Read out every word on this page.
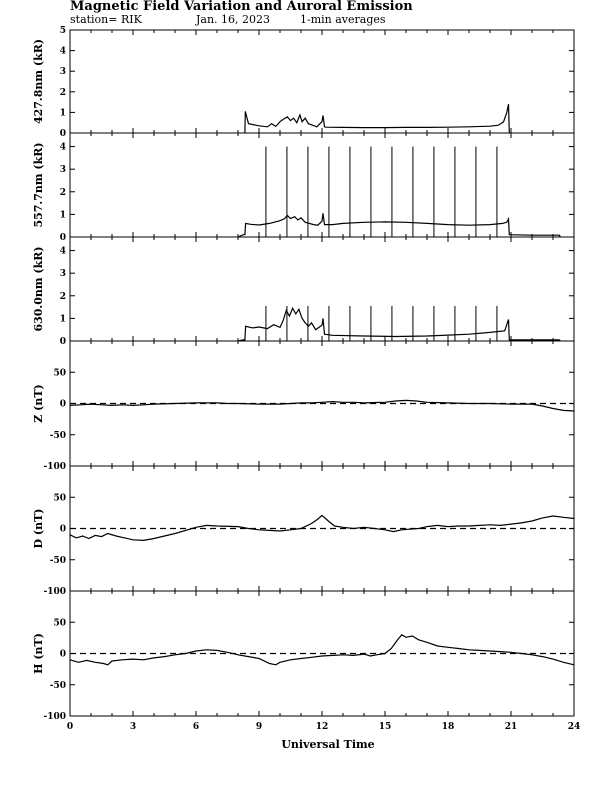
Magnetic Field Variation and Auroral Emission
station= RIK	Jan. 16, 2023	1-min averages
0
1
2
3
4
5
427.8nm (kR)
0
1
2
3
4
557.7nm (kR)
0
1
2
3
4
630.0nm (kR)
-100
-50
0
50
Z (nT)
-100
-50
0
50
D (nT)
-100
-50
0
50
H (nT)
0	3	6	9	12	15	18	21	24
Universal Time
